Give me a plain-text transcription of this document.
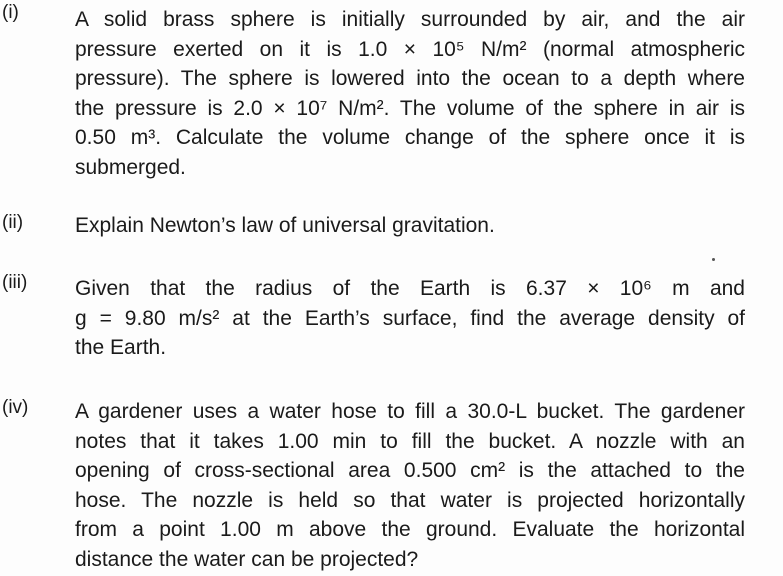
(i)	A solid brass sphere is initially surrounded by air, and the air
pressure exerted on it is 1.0 × 10⁵ N/m² (normal atmospheric
pressure). The sphere is lowered into the ocean to a depth where
the pressure is 2.0 × 10⁷ N/m². The volume of the sphere in air is
0.50 m³. Calculate the volume change of the sphere once it is
submerged.
(ii) Explain Newton’s law of universal gravitation.
(iii) Given that the radius of the Earth is 6.37 × 10⁶ m and
g = 9.80 m/s² at the Earth’s surface, find the average density of
the Earth.
(iv) A gardener uses a water hose to fill a 30.0-L bucket. The gardener
notes that it takes 1.00 min to fill the bucket. A nozzle with an
opening of cross-sectional area 0.500 cm² is the attached to the
hose. The nozzle is held so that water is projected horizontally
from a point 1.00 m above the ground. Evaluate the horizontal
distance the water can be projected?
